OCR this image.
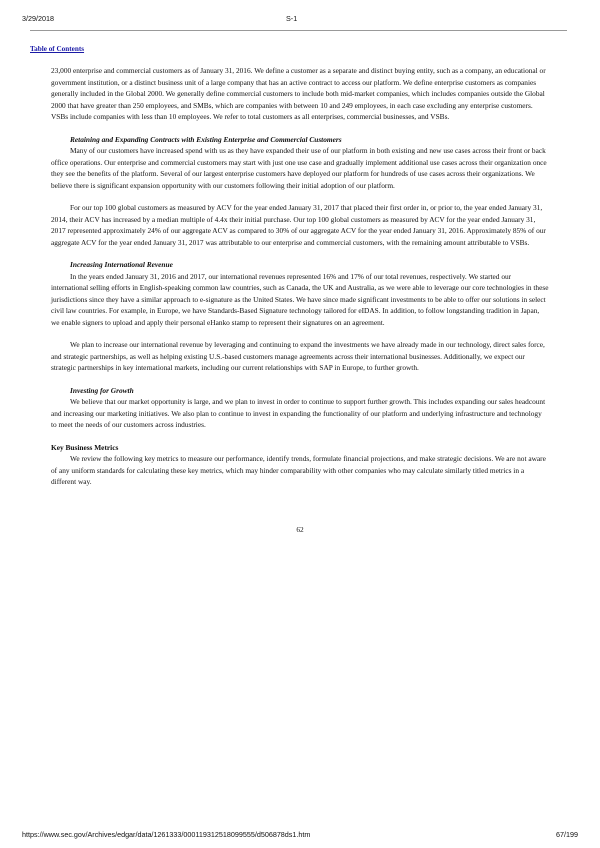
3/29/2018	S-1
Table of Contents

23,000 enterprise and commercial customers as of January 31, 2016. We define a customer as a separate and distinct buying entity, such as a company, an educational or government institution, or a distinct business unit of a large company that has an active contract to access our platform. We define enterprise customers as companies generally included in the Global 2000. We generally define commercial customers to include both mid-market companies, which includes companies outside the Global 2000 that have greater than 250 employees, and SMBs, which are companies with between 10 and 249 employees, in each case excluding any enterprise customers. VSBs include companies with less than 10 employees. We refer to total customers as all enterprises, commercial businesses, and VSBs.

Retaining and Expanding Contracts with Existing Enterprise and Commercial Customers

Many of our customers have increased spend with us as they have expanded their use of our platform in both existing and new use cases across their front or back office operations. Our enterprise and commercial customers may start with just one use case and gradually implement additional use cases across their organization once they see the benefits of the platform. Several of our largest enterprise customers have deployed our platform for hundreds of use cases across their organizations. We believe there is significant expansion opportunity with our customers following their initial adoption of our platform.

For our top 100 global customers as measured by ACV for the year ended January 31, 2017 that placed their first order in, or prior to, the year ended January 31, 2014, their ACV has increased by a median multiple of 4.4x their initial purchase. Our top 100 global customers as measured by ACV for the year ended January 31, 2017 represented approximately 24% of our aggregate ACV as compared to 30% of our aggregate ACV for the year ended January 31, 2016. Approximately 85% of our aggregate ACV for the year ended January 31, 2017 was attributable to our enterprise and commercial customers, with the remaining amount attributable to VSBs.

Increasing International Revenue

In the years ended January 31, 2016 and 2017, our international revenues represented 16% and 17% of our total revenues, respectively. We started our international selling efforts in English-speaking common law countries, such as Canada, the UK and Australia, as we were able to leverage our core technologies in these jurisdictions since they have a similar approach to e-signature as the United States. We have since made significant investments to be able to offer our solutions in select civil law countries. For example, in Europe, we have Standards-Based Signature technology tailored for eIDAS. In addition, to follow longstanding tradition in Japan, we enable signers to upload and apply their personal eHanko stamp to represent their signatures on an agreement.

We plan to increase our international revenue by leveraging and continuing to expand the investments we have already made in our technology, direct sales force, and strategic partnerships, as well as helping existing U.S.-based customers manage agreements across their international businesses. Additionally, we expect our strategic partnerships in key international markets, including our current relationships with SAP in Europe, to further growth.

Investing for Growth

We believe that our market opportunity is large, and we plan to invest in order to continue to support further growth. This includes expanding our sales headcount and increasing our marketing initiatives. We also plan to continue to invest in expanding the functionality of our platform and underlying infrastructure and technology to meet the needs of our customers across industries.

Key Business Metrics

We review the following key metrics to measure our performance, identify trends, formulate financial projections, and make strategic decisions. We are not aware of any uniform standards for calculating these key metrics, which may hinder comparability with other companies who may calculate similarly titled metrics in a different way.

62
https://www.sec.gov/Archives/edgar/data/1261333/000119312518099555/d506878ds1.htm	67/199
